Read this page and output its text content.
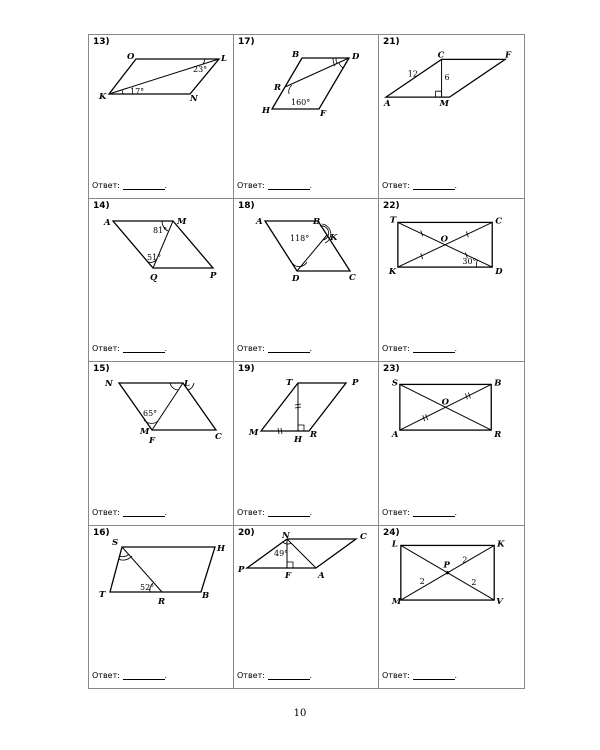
13)
O	L
K	N
23°
17°
Ответ:	.
17)
B	D
R
H	F
160°
Ответ:	.
21)
C	F
A	M
12	6
Ответ:	.
14)
A	M
Q	P
81°
51°
Ответ:	.
18)
A	B
K
D	C
118°
Ответ:	.
22)
T	C
O
K	D
30°
Ответ:	.
15)
N	L
M
F	C
65°
Ответ:	.
19)
T	P
M
H R
Ответ:	.
23)
S	B
O
A	R
Ответ:	.
16)
S
H
T
R
B
52°
Ответ:	.
20)	N	C
P
F	A
49°
Ответ:	.
24)
L	K
P
M	V
2
2	2
Ответ:	.
10
